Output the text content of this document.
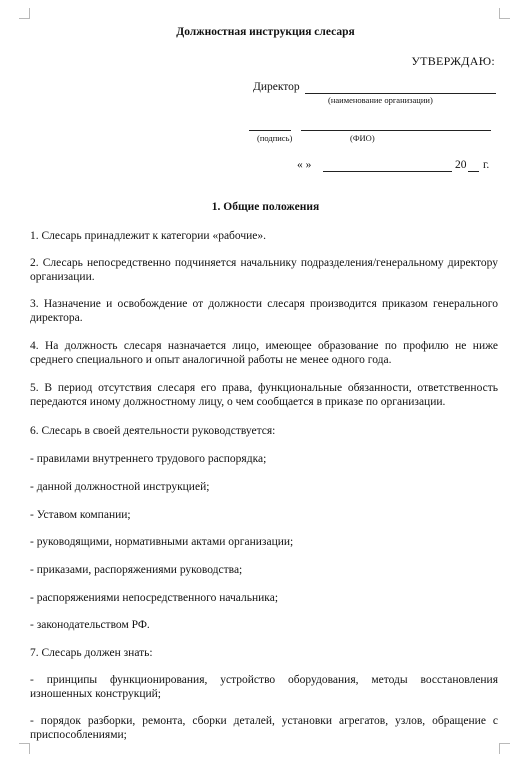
Должностная инструкция слесаря
УТВЕРЖДАЮ:
Директор
(наименование организации)
(подпись)	(ФИО)
« »	20 г.
1. Общие положения
1. Слесарь принадлежит к категории «рабочие».
2. Слесарь непосредственно подчиняется начальнику подразделения/генеральному директору организации.
3. Назначение и освобождение от должности слесаря производится приказом генерального директора.
4. На должность слесаря назначается лицо, имеющее образование по профилю не ниже среднего специального и опыт аналогичной работы не менее одного года.
5. В период отсутствия слесаря его права, функциональные обязанности, ответственность передаются иному должностному лицу, о чем сообщается в приказе по организации.
6. Слесарь в своей деятельности руководствуется:
- правилами внутреннего трудового распорядка;
- данной должностной инструкцией;
- Уставом компании;
- руководящими, нормативными актами организации;
- приказами, распоряжениями руководства;
- распоряжениями непосредственного начальника;
- законодательством РФ.
7. Слесарь должен знать:
- принципы функционирования, устройство оборудования, методы восстановления изношенных конструкций;
- порядок разборки, ремонта, сборки деталей, установки агрегатов, узлов, обращение с приспособлениями;
